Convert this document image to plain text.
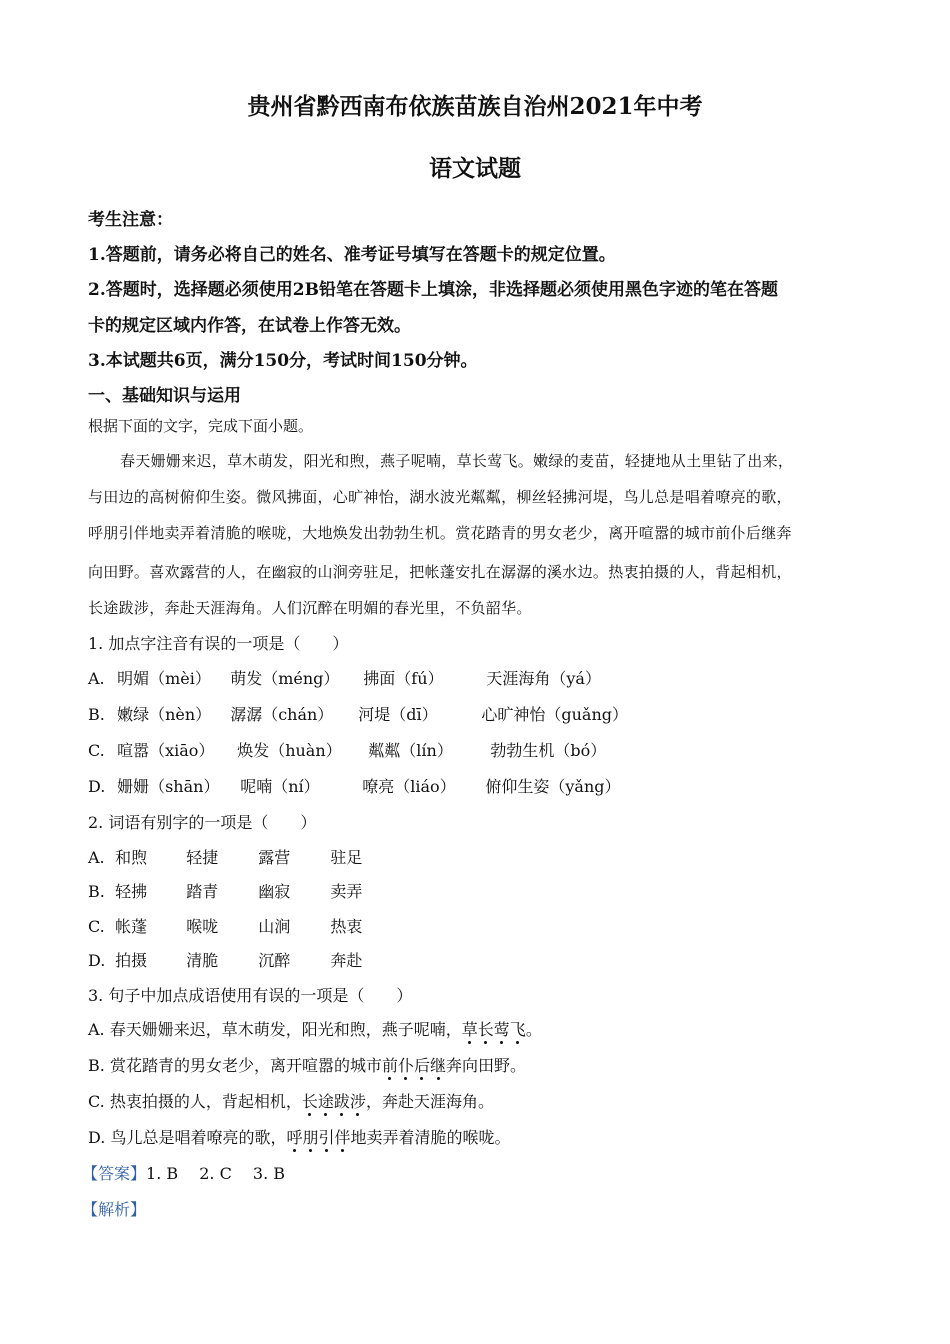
贵州省黔西南布依族苗族自治州2021年中考
语文试题
考生注意：
1.答题前，请务必将自己的姓名、准考证号填写在答题卡的规定位置。
2.答题时，选择题必须使用2B铅笔在答题卡上填涂，非选择题必须使用黑色字迹的笔在答题
卡的规定区域内作答，在试卷上作答无效。
3.本试题共6页，满分150分，考试时间150分钟。
一、基础知识与运用
根据下面的文字，完成下面小题。
春天姗姗来迟，草木萌发，阳光和煦，燕子呢喃，草长莺飞。嫩绿的麦苗，轻捷地从土里钻了出来，
与田边的高树俯仰生姿。微风拂面，心旷神怡，湖水波光粼粼，柳丝轻拂河堤，鸟儿总是唱着嘹亮的歌，
呼朋引伴地卖弄着清脆的喉咙，大地焕发出勃勃生机。赏花踏青的男女老少，离开喧嚣的城市前仆后继奔
向田野。喜欢露营的人，在幽寂的山涧旁驻足，把帐蓬安扎在潺潺的溪水边。热衷拍摄的人，背起相机，
长途跋涉，奔赴天涯海角。人们沉醉在明媚的春光里，不负韶华。
1. 加点字注音有误的一项是（　　）
A. 明媚（mèi） 萌发（méng） 拂面（fú）	天涯海角（yá）
B. 嫩绿（nèn） 潺潺（chán） 河堤（dī）	心旷神怡（guǎng）
C. 喧嚣（xiāo） 焕发（huàn） 粼粼（lín） 勃勃生机（bó）
D. 姗姗（shān） 呢喃（ní）	嘹亮（liáo） 俯仰生姿（yǎng）
2. 词语有别字的一项是（　　）
A. 和煦 轻捷	露营	驻足
B. 轻拂 踏青	幽寂	卖弄
C. 帐蓬 喉咙	山涧	热衷
D. 拍摄 清脆	沉醉	奔赴
3. 句子中加点成语使用有误的一项是（　　）
A. 春天姗姗来迟，草木萌发，阳光和煦，燕子呢喃，草长莺飞。
B. 赏花踏青的男女老少，离开喧嚣的城市前仆后继奔向田野。
C. 热衷拍摄的人，背起相机，长途跋涉，奔赴天涯海角。
D. 鸟儿总是唱着嘹亮的歌，呼朋引伴地卖弄着清脆的喉咙。
【答案】1. B　 2. C　 3. B
【解析】
